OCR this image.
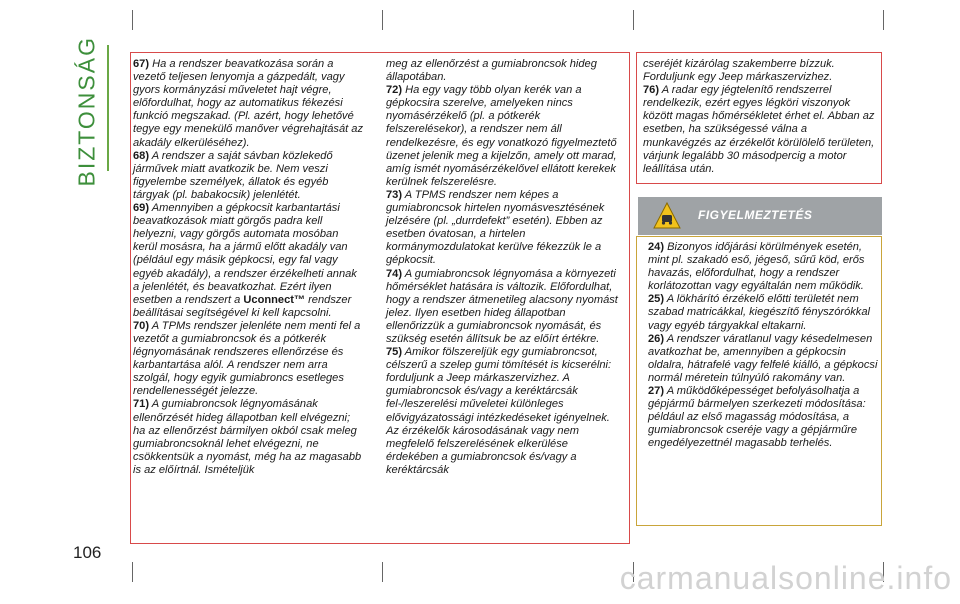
BIZTONSÁG
106

67) Ha a rendszer beavatkozása során a vezető teljesen lenyomja a gázpedált, vagy gyors kormányzási műveletet hajt végre, előfordulhat, hogy az automatikus fékezési funkció megszakad. (Pl. azért, hogy lehetővé tegye egy menekülő manőver végrehajtását az akadály elkerüléséhez).

68) A rendszer a saját sávban közlekedő járművek miatt avatkozik be. Nem veszi figyelembe személyek, állatok és egyéb tárgyak (pl. babakocsik) jelenlétét.

69) Amennyiben a gépkocsit karbantartási beavatkozások miatt görgős padra kell helyezni, vagy görgős automata mosóban kerül mosásra, ha a jármű előtt akadály van (például egy másik gépkocsi, egy fal vagy egyéb akadály), a rendszer érzékelheti annak a jelenlétét, és beavatkozhat. Ezért ilyen esetben a rendszert a Uconnect™ rendszer beállításai segítségével ki kell kapcsolni.

70) A TPMs rendszer jelenléte nem menti fel a vezetőt a gumiabroncsok és a pótkerék légnyomásának rendszeres ellenőrzése és karbantartása alól. A rendszer nem arra szolgál, hogy egyik gumiabroncs esetleges rendellenességét jelezze.

71) A gumiabroncsok légnyomásának ellenőrzését hideg állapotban kell elvégezni; ha az ellenőrzést bármilyen okból csak meleg gumiabroncsoknál lehet elvégezni, ne csökkentsük a nyomást, még ha az magasabb is az előírtnál. Ismételjük

meg az ellenőrzést a gumiabroncsok hideg állapotában.

72) Ha egy vagy több olyan kerék van a gépkocsira szerelve, amelyeken nincs nyomásérzékelő (pl. a pótkerék felszerelésekor), a rendszer nem áll rendelkezésre, és egy vonatkozó figyelmeztető üzenet jelenik meg a kijelzőn, amely ott marad, amíg ismét nyomásérzékelővel ellátott kerekek kerülnek felszerelésre.

73) A TPMS rendszer nem képes a gumiabroncsok hirtelen nyomásvesztésének jelzésére (pl. „durrdefekt” esetén). Ebben az esetben óvatosan, a hirtelen kormánymozdulatokat kerülve fékezzük le a gépkocsit.

74) A gumiabroncsok légnyomása a környezeti hőmérséklet hatására is változik. Előfordulhat, hogy a rendszer átmenetileg alacsony nyomást jelez. Ilyen esetben hideg állapotban ellenőrizzük a gumiabroncsok nyomását, és szükség esetén állítsuk be az előírt értékre.

75) Amikor fölszereljük egy gumiabroncsot, célszerű a szelep gumi tömítését is kicserélni: forduljunk a Jeep márkaszervizhez. A gumiabroncsok és/vagy a keréktárcsák fel-/leszerelési műveletei különleges elővigyázatossági intézkedéseket igényelnek. Az érzékelők károsodásának vagy nem megfelelő felszerelésének elkerülése érdekében a gumiabroncsok és/vagy a keréktárcsák

cseréjét kizárólag szakemberre bízzuk. Forduljunk egy Jeep márkaszervizhez.

76) A radar egy jégtelenítő rendszerrel rendelkezik, ezért egyes légköri viszonyok között magas hőmérsékletet érhet el. Abban az esetben, ha szükségessé válna a munkavégzés az érzékelőt körülölelő területen, várjunk legalább 30 másodpercig a motor leállítása után.

FIGYELMEZTETÉS

24) Bizonyos időjárási körülmények esetén, mint pl. szakadó eső, jégeső, sűrű köd, erős havazás, előfordulhat, hogy a rendszer korlátozottan vagy egyáltalán nem működik.

25) A lökhárító érzékelő előtti területét nem szabad matricákkal, kiegészítő fényszórókkal vagy egyéb tárgyakkal eltakarni.

26) A rendszer váratlanul vagy késedelmesen avatkozhat be, amennyiben a gépkocsin oldalra, hátrafelé vagy felfelé kiálló, a gépkocsi normál méretein túlnyúló rakomány van.

27) A működőképességet befolyásolhatja a gépjármű bármelyen szerkezeti módosítása: például az első magasság módosítása, a gumiabroncsok cseréje vagy a gépjárműre engedélyezettnél magasabb terhelés.

carmanualsonline.info
